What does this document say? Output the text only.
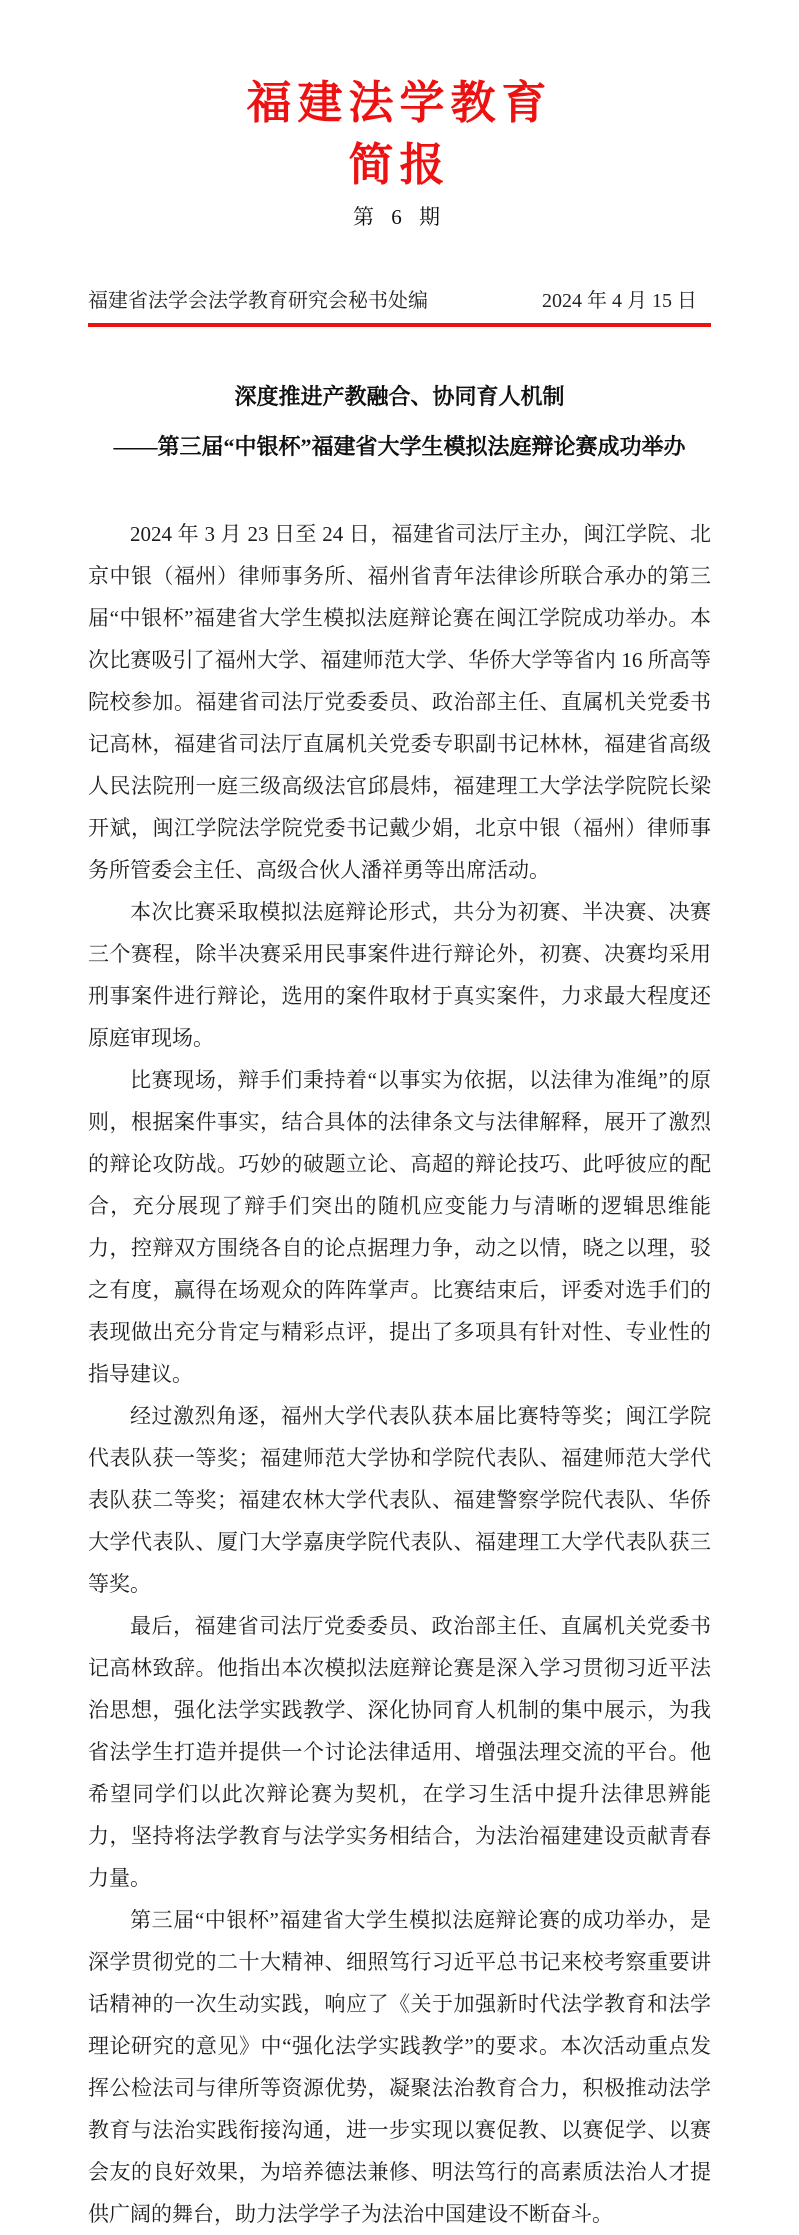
福建法学教育
简报
第 6 期
福建省法学会法学教育研究会秘书处编	2024 年 4 月 15 日
深度推进产教融合、协同育人机制
——第三届“中银杯”福建省大学生模拟法庭辩论赛成功举办

2024 年 3 月 23 日至 24 日，福建省司法厅主办，闽江学院、北京中银（福州）律师事务所、福州省青年法律诊所联合承办的第三届“中银杯”福建省大学生模拟法庭辩论赛在闽江学院成功举办。本次比赛吸引了福州大学、福建师范大学、华侨大学等省内 16 所高等院校参加。福建省司法厅党委委员、政治部主任、直属机关党委书记高林，福建省司法厅直属机关党委专职副书记林林，福建省高级人民法院刑一庭三级高级法官邱晨炜，福建理工大学法学院院长梁开斌，闽江学院法学院党委书记戴少娟，北京中银（福州）律师事务所管委会主任、高级合伙人潘祥勇等出席活动。

本次比赛采取模拟法庭辩论形式，共分为初赛、半决赛、决赛三个赛程，除半决赛采用民事案件进行辩论外，初赛、决赛均采用刑事案件进行辩论，选用的案件取材于真实案件，力求最大程度还原庭审现场。

比赛现场，辩手们秉持着“以事实为依据，以法律为准绳”的原则，根据案件事实，结合具体的法律条文与法律解释，展开了激烈的辩论攻防战。巧妙的破题立论、高超的辩论技巧、此呼彼应的配合，充分展现了辩手们突出的随机应变能力与清晰的逻辑思维能力，控辩双方围绕各自的论点据理力争，动之以情，晓之以理，驳之有度，赢得在场观众的阵阵掌声。比赛结束后，评委对选手们的表现做出充分肯定与精彩点评，提出了多项具有针对性、专业性的指导建议。

经过激烈角逐，福州大学代表队获本届比赛特等奖；闽江学院代表队获一等奖；福建师范大学协和学院代表队、福建师范大学代表队获二等奖；福建农林大学代表队、福建警察学院代表队、华侨大学代表队、厦门大学嘉庚学院代表队、福建理工大学代表队获三等奖。

最后，福建省司法厅党委委员、政治部主任、直属机关党委书记高林致辞。他指出本次模拟法庭辩论赛是深入学习贯彻习近平法治思想，强化法学实践教学、深化协同育人机制的集中展示，为我省法学生打造并提供一个讨论法律适用、增强法理交流的平台。他希望同学们以此次辩论赛为契机，在学习生活中提升法律思辨能力，坚持将法学教育与法学实务相结合，为法治福建建设贡献青春力量。

第三届“中银杯”福建省大学生模拟法庭辩论赛的成功举办，是深学贯彻党的二十大精神、细照笃行习近平总书记来校考察重要讲话精神的一次生动实践，响应了《关于加强新时代法学教育和法学理论研究的意见》中“强化法学实践教学”的要求。本次活动重点发挥公检法司与律所等资源优势，凝聚法治教育合力，积极推动法学教育与法治实践衔接沟通，进一步实现以赛促教、以赛促学、以赛会友的良好效果，为培养德法兼修、明法笃行的高素质法治人才提供广阔的舞台，助力法学学子为法治中国建设不断奋斗。
